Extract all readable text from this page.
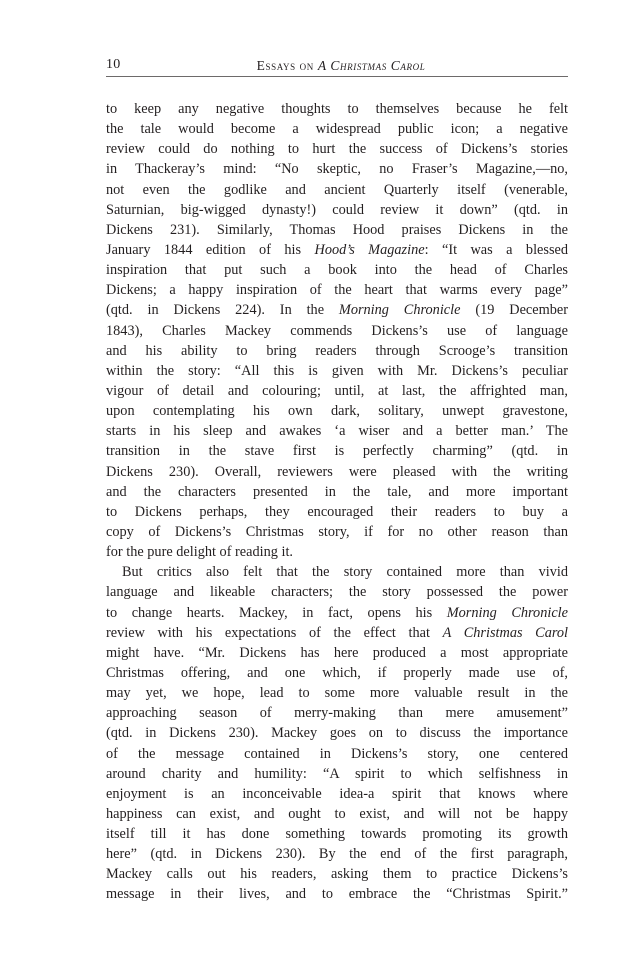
10	Essays on A Christmas Carol
to keep any negative thoughts to themselves because he felt
the tale would become a widespread public icon; a negative
review could do nothing to hurt the success of Dickens’s stories
in Thackeray’s mind: “No skeptic, no Fraser’s Magazine,—no,
not even the godlike and ancient Quarterly itself (venerable,
Saturnian, big-wigged dynasty!) could review it down” (qtd. in
Dickens 231). Similarly, Thomas Hood praises Dickens in the
January 1844 edition of his Hood’s Magazine: “It was a blessed
inspiration that put such a book into the head of Charles
Dickens; a happy inspiration of the heart that warms every page”
(qtd. in Dickens 224). In the Morning Chronicle (19 December
1843), Charles Mackey commends Dickens’s use of language
and his ability to bring readers through Scrooge’s transition
within the story: “All this is given with Mr. Dickens’s peculiar
vigour of detail and colouring; until, at last, the affrighted man,
upon contemplating his own dark, solitary, unwept gravestone,
starts in his sleep and awakes ‘a wiser and a better man.’ The
transition in the stave first is perfectly charming” (qtd. in
Dickens 230). Overall, reviewers were pleased with the writing
and the characters presented in the tale, and more important
to Dickens perhaps, they encouraged their readers to buy a
copy of Dickens’s Christmas story, if for no other reason than
for the pure delight of reading it.
But critics also felt that the story contained more than vivid
language and likeable characters; the story possessed the power
to change hearts. Mackey, in fact, opens his Morning Chronicle
review with his expectations of the effect that A Christmas Carol
might have. “Mr. Dickens has here produced a most appropriate
Christmas offering, and one which, if properly made use of,
may yet, we hope, lead to some more valuable result in the
approaching season of merry-making than mere amusement”
(qtd. in Dickens 230). Mackey goes on to discuss the importance
of the message contained in Dickens’s story, one centered
around charity and humility: “A spirit to which selfishness in
enjoyment is an inconceivable idea-a spirit that knows where
happiness can exist, and ought to exist, and will not be happy
itself till it has done something towards promoting its growth
here” (qtd. in Dickens 230). By the end of the first paragraph,
Mackey calls out his readers, asking them to practice Dickens’s
message in their lives, and to embrace the “Christmas Spirit.”
